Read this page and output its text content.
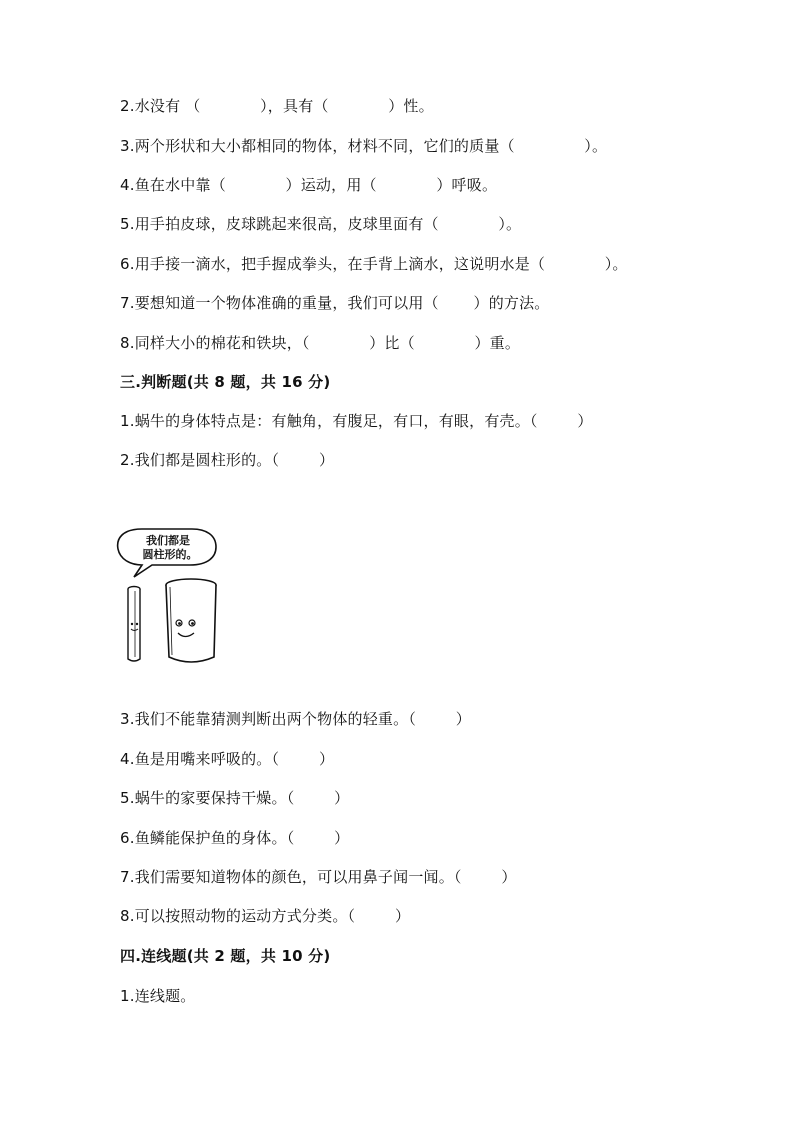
2.水没有 （            ），具有（            ）性。
3.两个形状和大小都相同的物体，材料不同，它们的质量（              ）。
4.鱼在水中靠（            ）运动，用（            ）呼吸。
5.用手拍皮球，皮球跳起来很高，皮球里面有（            ）。
6.用手接一滴水，把手握成拳头，在手背上滴水，这说明水是（            ）。
7.要想知道一个物体准确的重量，我们可以用（       ）的方法。
8.同样大小的棉花和铁块，（            ）比（            ）重。
三.判断题(共 8 题，共 16 分)
1.蜗牛的身体特点是：有触角，有腹足，有口，有眼，有壳。（        ）
2.我们都是圆柱形的。（        ）
我们都是
圆柱形的。
3.我们不能靠猜测判断出两个物体的轻重。（        ）
4.鱼是用嘴来呼吸的。（        ）
5.蜗牛的家要保持干燥。（        ）
6.鱼鳞能保护鱼的身体。（        ）
7.我们需要知道物体的颜色，可以用鼻子闻一闻。（        ）
8.可以按照动物的运动方式分类。（        ）
四.连线题(共 2 题，共 10 分)
1.连线题。
